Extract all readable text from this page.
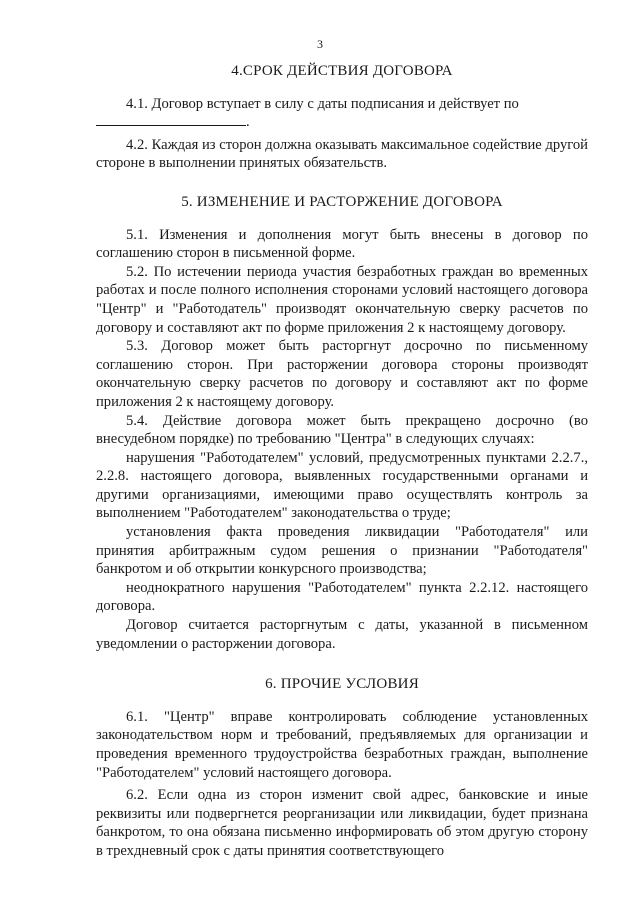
3
4.СРОК ДЕЙСТВИЯ ДОГОВОРА

4.1. Договор вступает в силу с даты подписания и действует по
.

4.2. Каждая из сторон должна оказывать максимальное содействие другой стороне в выполнении принятых обязательств.

5. ИЗМЕНЕНИЕ И РАСТОРЖЕНИЕ ДОГОВОРА

5.1. Изменения и дополнения могут быть внесены в договор по соглашению сторон в письменной форме.

5.2. По истечении периода участия безработных граждан во временных работах и после полного исполнения сторонами условий настоящего договора "Центр" и "Работодатель" производят окончательную сверку расчетов по договору и составляют акт по форме приложения 2 к настоящему договору.

5.3. Договор может быть расторгнут досрочно по письменному соглашению сторон. При расторжении договора стороны производят окончательную сверку расчетов по договору и составляют акт по форме приложения 2 к настоящему договору.

5.4. Действие договора может быть прекращено досрочно (во внесудебном порядке) по требованию "Центра" в следующих случаях:

нарушения "Работодателем" условий, предусмотренных пунктами 2.2.7., 2.2.8. настоящего договора, выявленных государственными органами и другими организациями, имеющими право осуществлять контроль за выполнением "Работодателем" законодательства о труде;

установления факта проведения ликвидации "Работодателя" или принятия арбитражным судом решения о признании "Работодателя" банкротом и об открытии конкурсного производства;

неоднократного нарушения "Работодателем" пункта 2.2.12. настоящего договора.

Договор считается расторгнутым с даты, указанной в письменном уведомлении о расторжении договора.

6. ПРОЧИЕ УСЛОВИЯ

6.1. "Центр" вправе контролировать соблюдение установленных законодательством норм и требований, предъявляемых для организации и проведения временного трудоустройства безработных граждан, выполнение "Работодателем" условий настоящего договора.

6.2. Если одна из сторон изменит свой адрес, банковские и иные реквизиты или подвергнется реорганизации или ликвидации, будет признана банкротом, то она обязана письменно информировать об этом другую сторону в трехдневный срок с даты принятия соответствующего
